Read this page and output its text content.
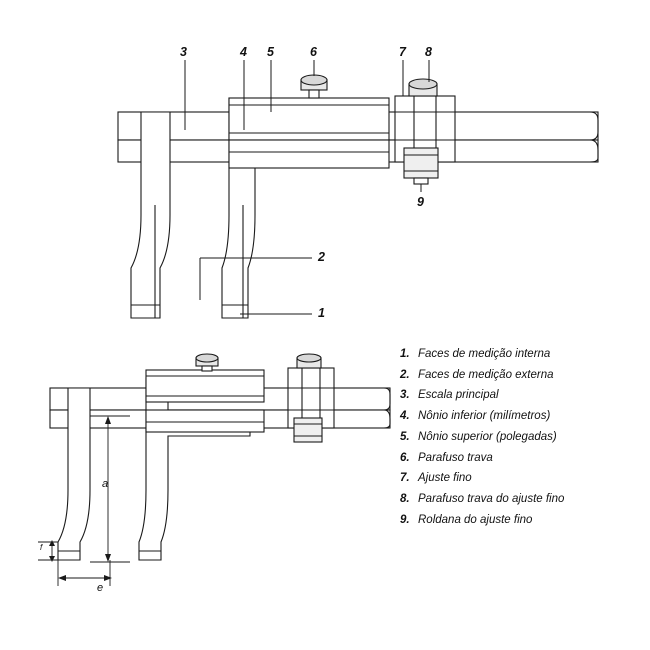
3	4 5	6	7 8
9
2
1
a
e
f
1. Faces de medição interna
2. Faces de medição externa
3. Escala principal
4. Nônio inferior (milímetros)
5. Nônio superior (polegadas)
6. Parafuso trava
7. Ajuste fino
8. Parafuso trava do ajuste fino
9. Roldana do ajuste fino
